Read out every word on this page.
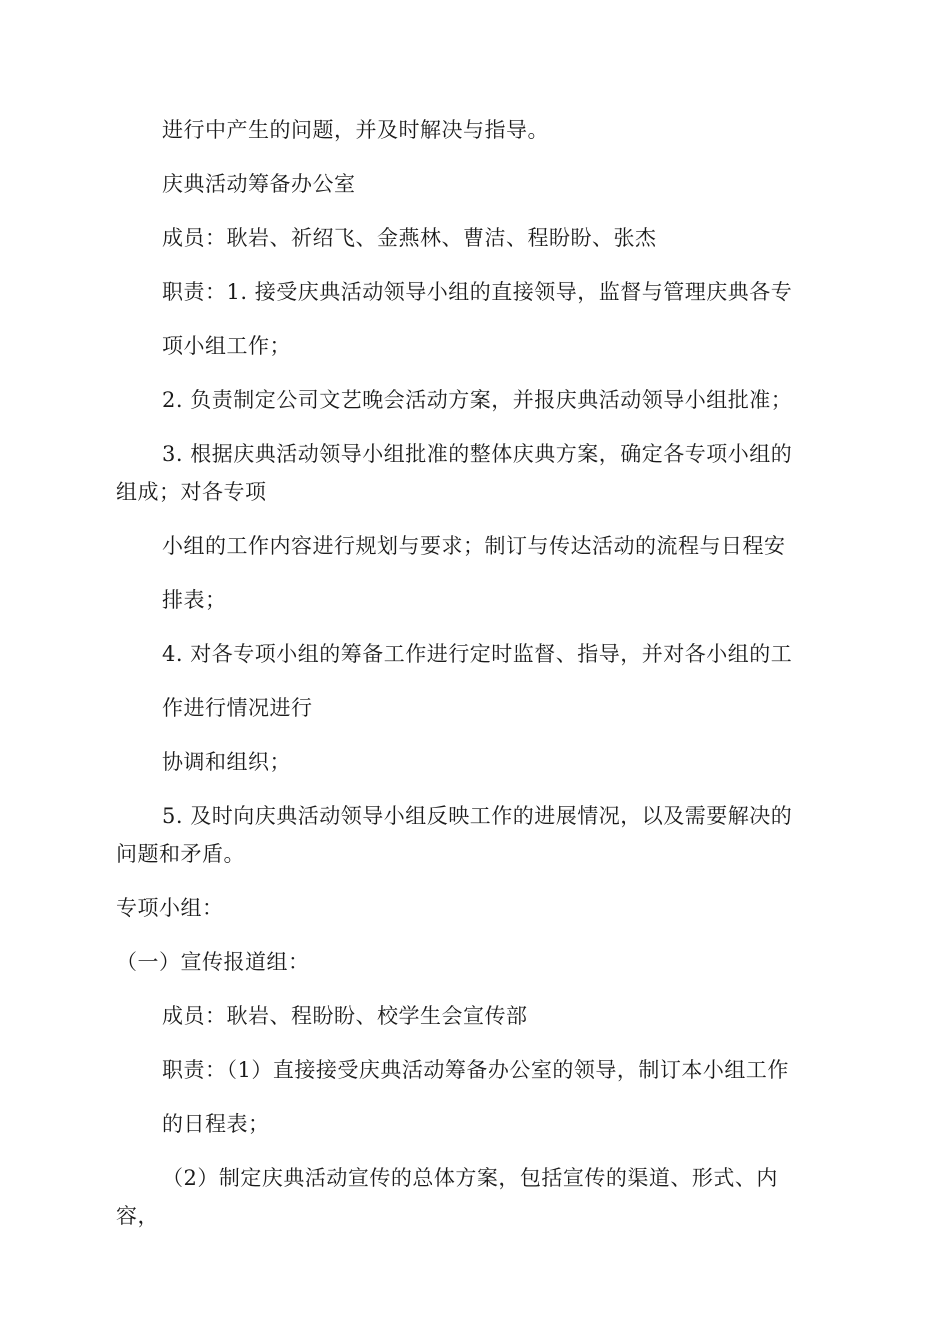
进行中产生的问题，并及时解决与指导。
庆典活动筹备办公室
成员：耿岩、祈绍飞、金燕林、曹洁、程盼盼、张杰
职责：1. 接受庆典活动领导小组的直接领导，监督与管理庆典各专
项小组工作；
2. 负责制定公司文艺晚会活动方案，并报庆典活动领导小组批准；
3. 根据庆典活动领导小组批准的整体庆典方案，确定各专项小组的
组成；对各专项
小组的工作内容进行规划与要求；制订与传达活动的流程与日程安
排表；
4. 对各专项小组的筹备工作进行定时监督、指导，并对各小组的工
作进行情况进行
协调和组织；
5. 及时向庆典活动领导小组反映工作的进展情况，以及需要解决的
问题和矛盾。
专项小组：
（一）宣传报道组：
成员：耿岩、程盼盼、校学生会宣传部
职责：（1）直接接受庆典活动筹备办公室的领导，制订本小组工作
的日程表；
（2）制定庆典活动宣传的总体方案，包括宣传的渠道、形式、内
容，
